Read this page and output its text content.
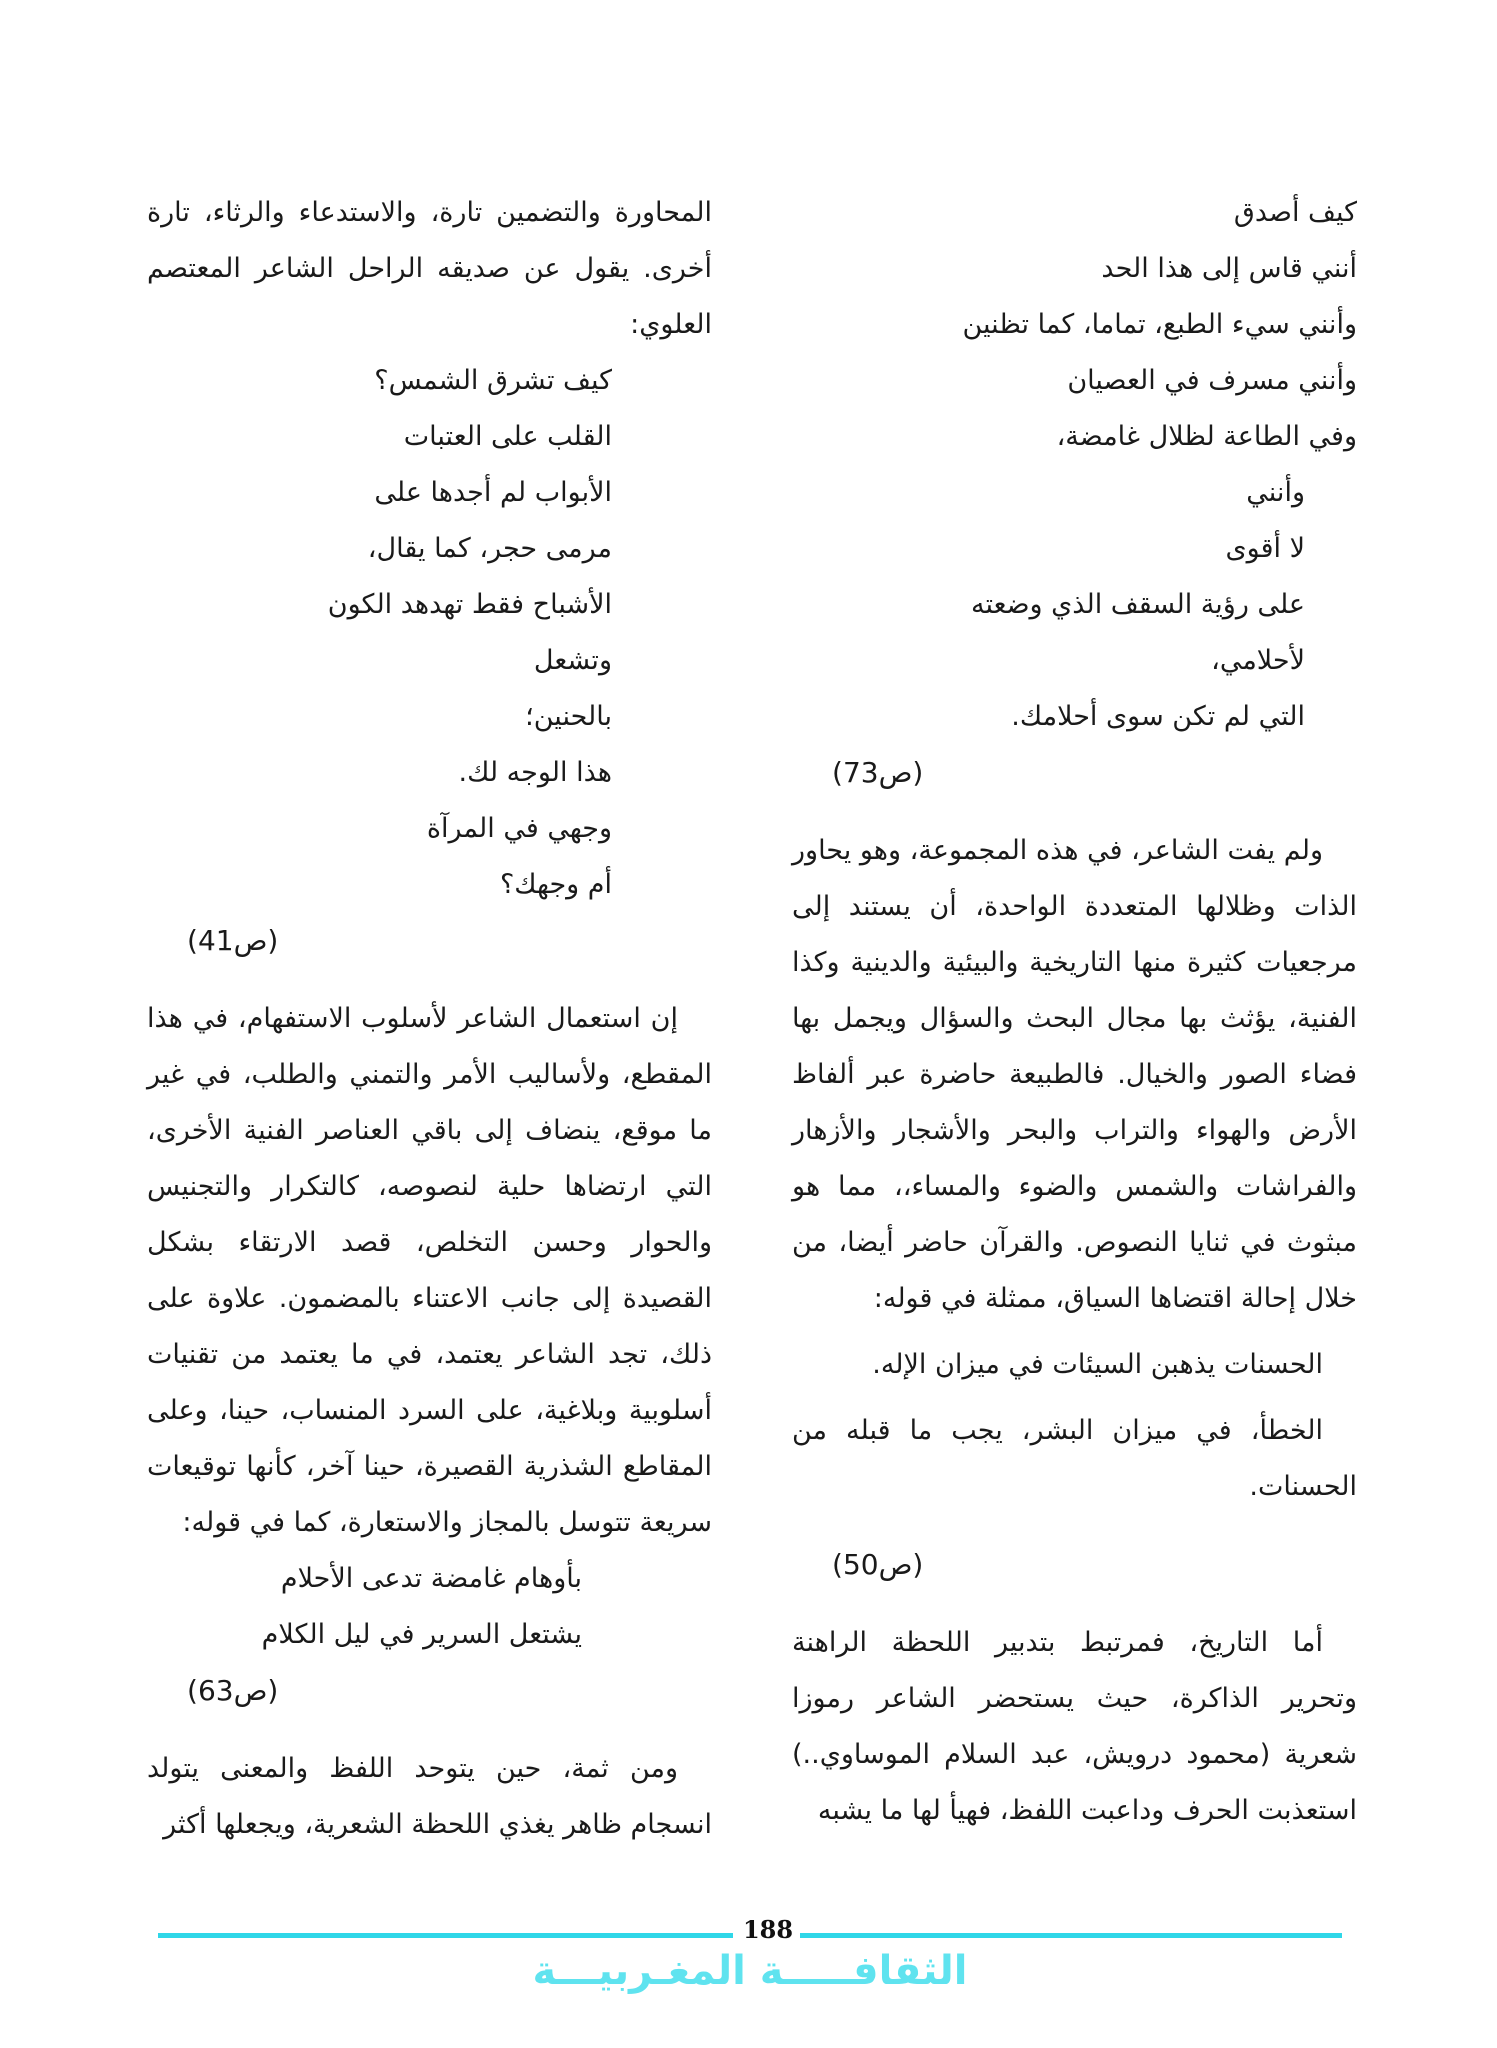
كيف أصدق

أنني قاس إلى هذا الحد

وأنني سيء الطبع، تماما، كما تظنين

وأنني مسرف في العصيان

وفي الطاعة لظلال غامضة،

وأنني

لا أقوى

على رؤية السقف الذي وضعته

لأحلامي،

التي لم تكن سوى أحلامك.

(ص73)

ولم يفت الشاعر، في هذه المجموعة، وهو يحاور الذات وظلالها المتعددة الواحدة، أن يستند إلى مرجعيات كثيرة منها التاريخية والبيئية والدينية وكذا الفنية، يؤثث بها مجال البحث والسؤال ويجمل بها فضاء الصور والخيال. فالطبيعة حاضرة عبر ألفاظ الأرض والهواء والتراب والبحر والأشجار والأزهار والفراشات والشمس والضوء والمساء،، مما هو مبثوث في ثنايا النصوص. والقرآن حاضر أيضا، من خلال إحالة اقتضاها السياق، ممثلة في قوله:

الحسنات يذهبن السيئات في ميزان الإله.

الخطأ، في ميزان البشر، يجب ما قبله من الحسنات.

(ص50)

أما التاريخ، فمرتبط بتدبير اللحظة الراهنة وتحرير الذاكرة، حيث يستحضر الشاعر رموزا شعرية (محمود درويش، عبد السلام الموساوي..) استعذبت الحرف وداعبت اللفظ، فهيأ لها ما يشبه

المحاورة والتضمين تارة، والاستدعاء والرثاء، تارة أخرى. يقول عن صديقه الراحل الشاعر المعتصم العلوي:

كيف تشرق الشمس؟

القلب على العتبات

الأبواب لم أجدها على

مرمى حجر، كما يقال،

الأشباح فقط تهدهد الكون

وتشعل

بالحنين؛

هذا الوجه لك.

وجهي في المرآة

أم وجهك؟

(ص41)

إن استعمال الشاعر لأسلوب الاستفهام، في هذا المقطع، ولأساليب الأمر والتمني والطلب، في غير ما موقع، ينضاف إلى باقي العناصر الفنية الأخرى، التي ارتضاها حلية لنصوصه، كالتكرار والتجنيس والحوار وحسن التخلص، قصد الارتقاء بشكل القصيدة إلى جانب الاعتناء بالمضمون. علاوة على ذلك، تجد الشاعر يعتمد، في ما يعتمد من تقنيات أسلوبية وبلاغية، على السرد المنساب، حينا، وعلى المقاطع الشذرية القصيرة، حينا آخر، كأنها توقيعات سريعة تتوسل بالمجاز والاستعارة، كما في قوله:

بأوهام غامضة تدعى الأحلام

يشتعل السرير في ليل الكلام

(ص63)

ومن ثمة، حين يتوحد اللفظ والمعنى يتولد انسجام ظاهر يغذي اللحظة الشعرية، ويجعلها أكثر

188
الثقافـــــة المغـربيـــة
